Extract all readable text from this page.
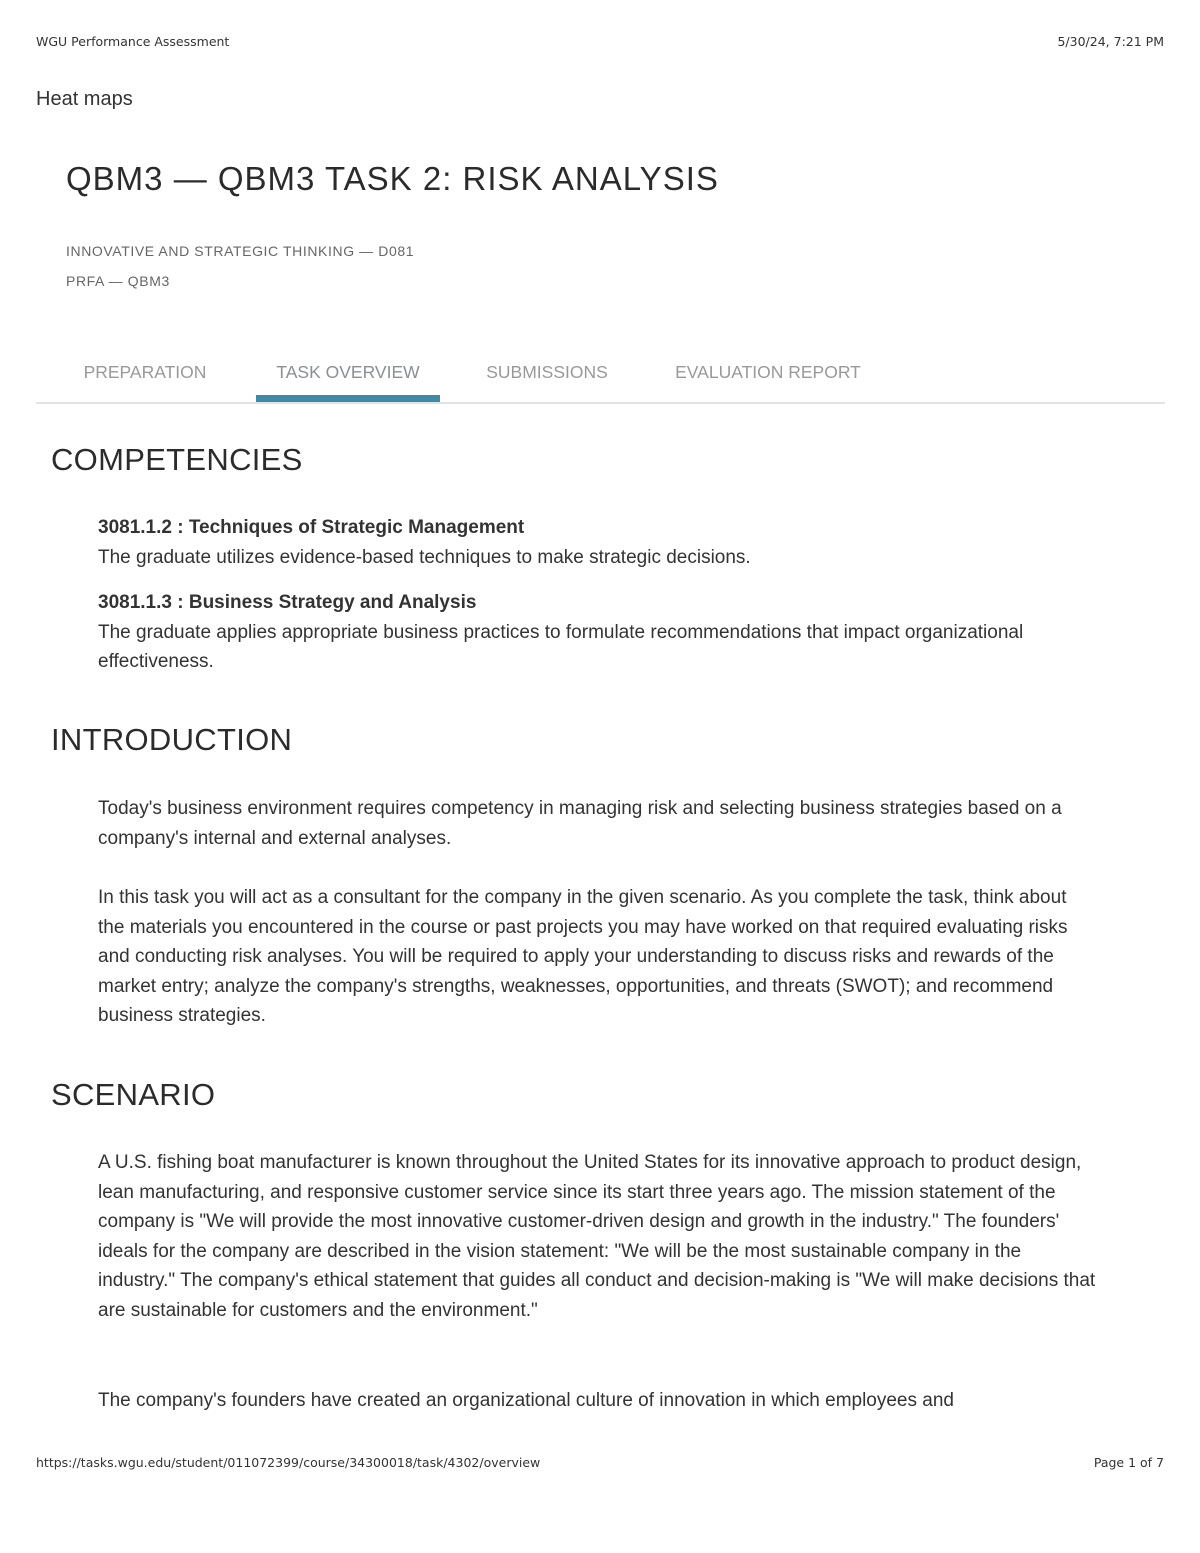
WGU Performance Assessment	5/30/24, 7:21 PM
Heat maps
QBM3 — QBM3 TASK 2: RISK ANALYSIS
INNOVATIVE AND STRATEGIC THINKING — D081
PRFA — QBM3
PREPARATION	TASK OVERVIEW	SUBMISSIONS	EVALUATION REPORT
COMPETENCIES
3081.1.2 : Techniques of Strategic Management
The graduate utilizes evidence-based techniques to make strategic decisions.
3081.1.3 : Business Strategy and Analysis
The graduate applies appropriate business practices to formulate recommendations that impact organizational effectiveness.
INTRODUCTION

Today's business environment requires competency in managing risk and selecting business strategies based on a company's internal and external analyses.

In this task you will act as a consultant for the company in the given scenario. As you complete the task, think about the materials you encountered in the course or past projects you may have worked on that required evaluating risks and conducting risk analyses. You will be required to apply your understanding to discuss risks and rewards of the market entry; analyze the company's strengths, weaknesses, opportunities, and threats (SWOT); and recommend business strategies.

SCENARIO

A U.S. fishing boat manufacturer is known throughout the United States for its innovative approach to product design, lean manufacturing, and responsive customer service since its start three years ago. The mission statement of the company is "We will provide the most innovative customer-driven design and growth in the industry." The founders' ideals for the company are described in the vision statement: "We will be the most sustainable company in the industry." The company's ethical statement that guides all conduct and decision-making is "We will make decisions that are sustainable for customers and the environment."

The company's founders have created an organizational culture of innovation in which employees and

https://tasks.wgu.edu/student/011072399/course/34300018/task/4302/overview	Page 1 of 7
